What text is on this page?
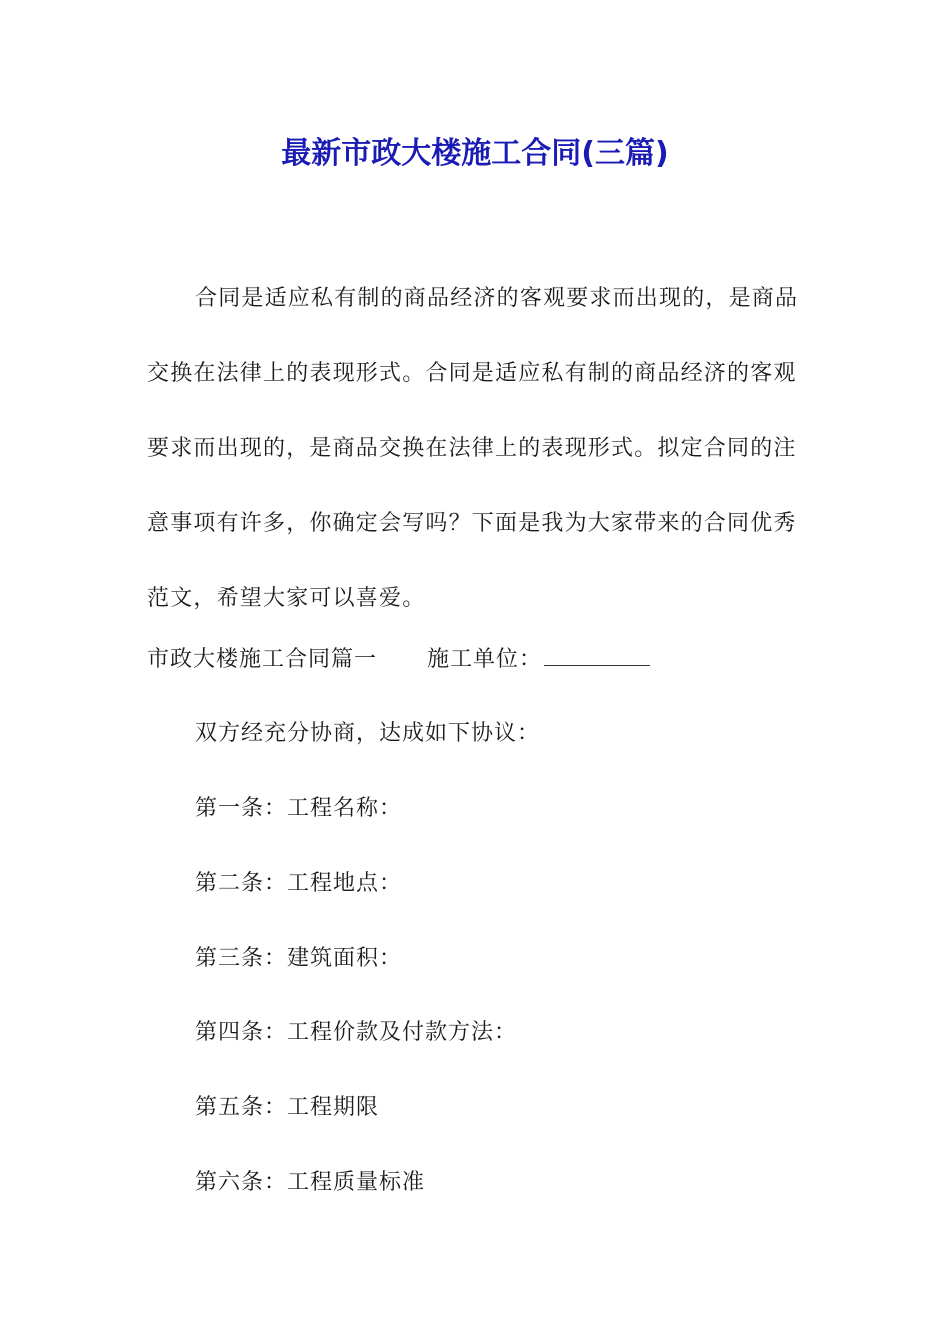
最新市政大楼施工合同(三篇)

合同是适应私有制的商品经济的客观要求而出现的，是商品交换在法律上的表现形式。合同是适应私有制的商品经济的客观要求而出现的，是商品交换在法律上的表现形式。拟定合同的注意事项有许多，你确定会写吗？下面是我为大家带来的合同优秀范文，希望大家可以喜爱。

市政大楼施工合同篇一 施工单位：

双方经充分协商，达成如下协议：

第一条：工程名称：

第二条：工程地点：

第三条：建筑面积：

第四条：工程价款及付款方法：

第五条：工程期限

第六条：工程质量标准
